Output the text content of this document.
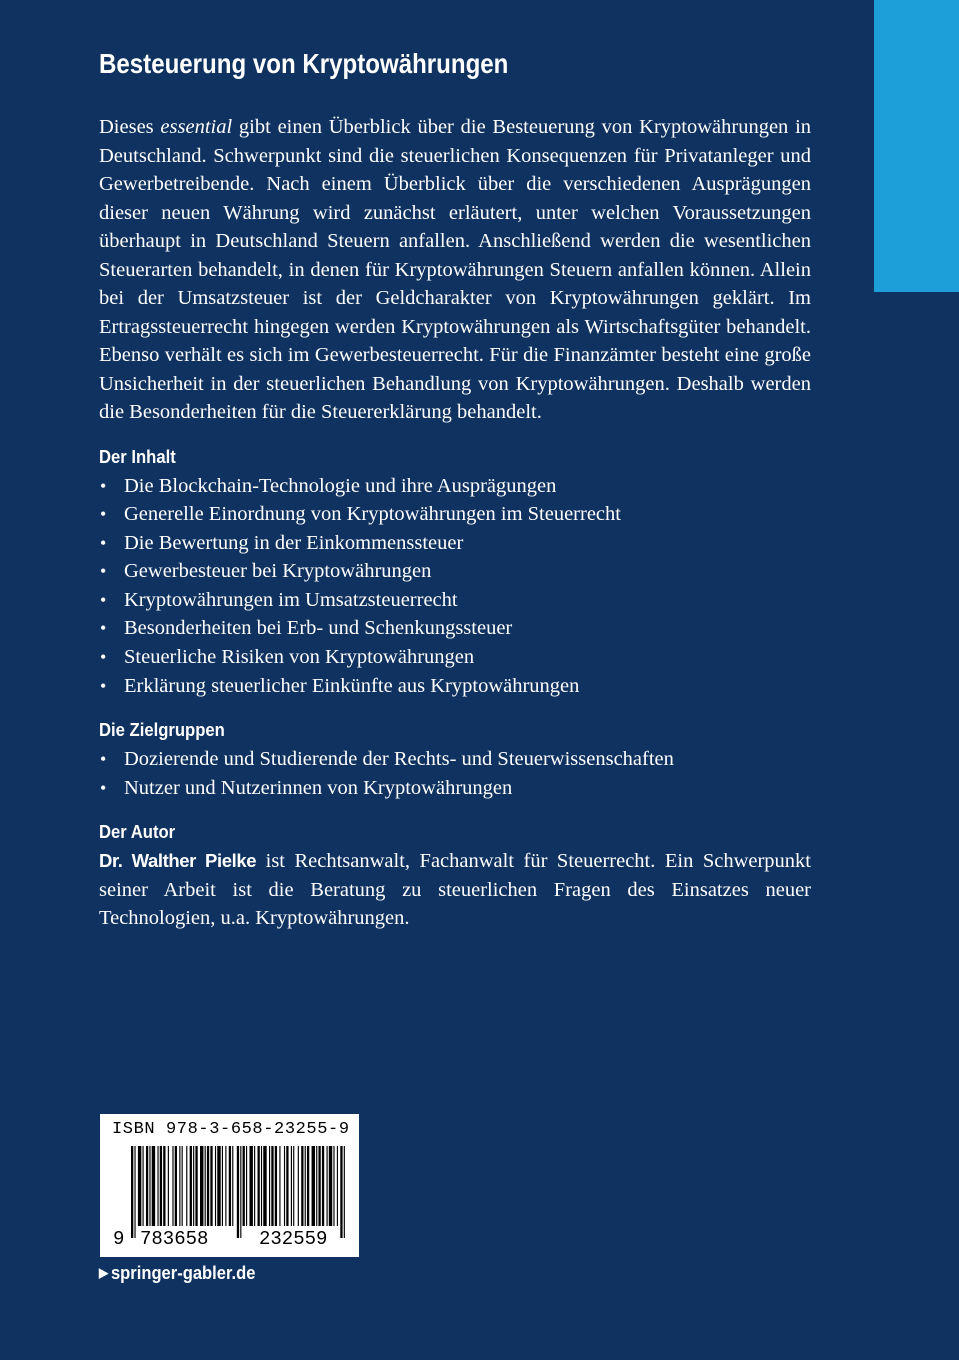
Besteuerung von Kryptowährungen

Dieses essential gibt einen Überblick über die Besteuerung von Kryptowährungen in Deutschland. Schwerpunkt sind die steuerlichen Konsequenzen für Privatanleger und Gewerbetreibende. Nach einem Überblick über die verschiedenen Ausprägungen dieser neuen Währung wird zunächst erläutert, unter welchen Voraussetzungen überhaupt in Deutschland Steuern anfallen. Anschließend werden die wesentlichen Steuerarten behandelt, in denen für Kryptowährungen Steuern anfallen können. Allein bei der Umsatzsteuer ist der Geldcharakter von Kryptowährungen geklärt. Im Ertragssteuerrecht hingegen werden Kryptowährungen als Wirtschaftsgüter behandelt. Ebenso verhält es sich im Gewerbesteuerrecht. Für die Finanzämter besteht eine große Unsicherheit in der steuerlichen Behandlung von Kryptowährungen. Deshalb werden die Besonderheiten für die Steuererklärung behandelt.

Der Inhalt
• Die Blockchain-Technologie und ihre Ausprägungen
• Generelle Einordnung von Kryptowährungen im Steuerrecht
• Die Bewertung in der Einkommenssteuer
• Gewerbesteuer bei Kryptowährungen
• Kryptowährungen im Umsatzsteuerrecht
• Besonderheiten bei Erb- und Schenkungssteuer
• Steuerliche Risiken von Kryptowährungen
• Erklärung steuerlicher Einkünfte aus Kryptowährungen
Die Zielgruppen
• Dozierende und Studierende der Rechts- und Steuerwissenschaften
• Nutzer und Nutzerinnen von Kryptowährungen
Der Autor

Dr. Walther Pielke ist Rechtsanwalt, Fachanwalt für Steuerrecht. Ein Schwerpunkt seiner Arbeit ist die Beratung zu steuerlichen Fragen des Einsatzes neuer Technologien, u.a. Kryptowährungen.

ISBN 978-3-658-23255-9
9 783658	232559
▶ springer-gabler.de
